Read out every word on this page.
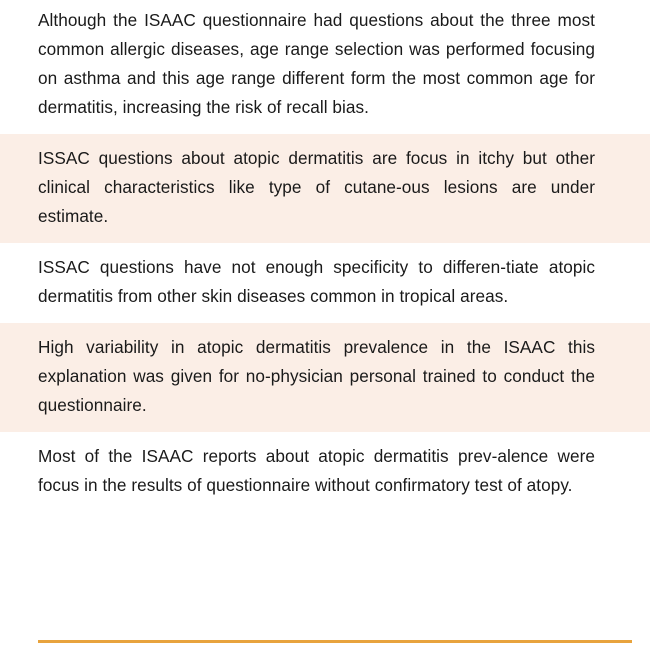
Although the ISAAC questionnaire had questions about the three most common allergic diseases, age range selection was performed focusing on asthma and this age range different form the most common age for dermatitis, increasing the risk of recall bias.

ISSAC questions about atopic dermatitis are focus in itchy but other clinical characteristics like type of cutane-ous lesions are under estimate.

ISSAC questions have not enough specificity to differen-tiate atopic dermatitis from other skin diseases common in tropical areas.

High variability in atopic dermatitis prevalence in the ISAAC this explanation was given for no-physician personal trained to conduct the questionnaire.

Most of the ISAAC reports about atopic dermatitis prev-alence were focus in the results of questionnaire without confirmatory test of atopy.
